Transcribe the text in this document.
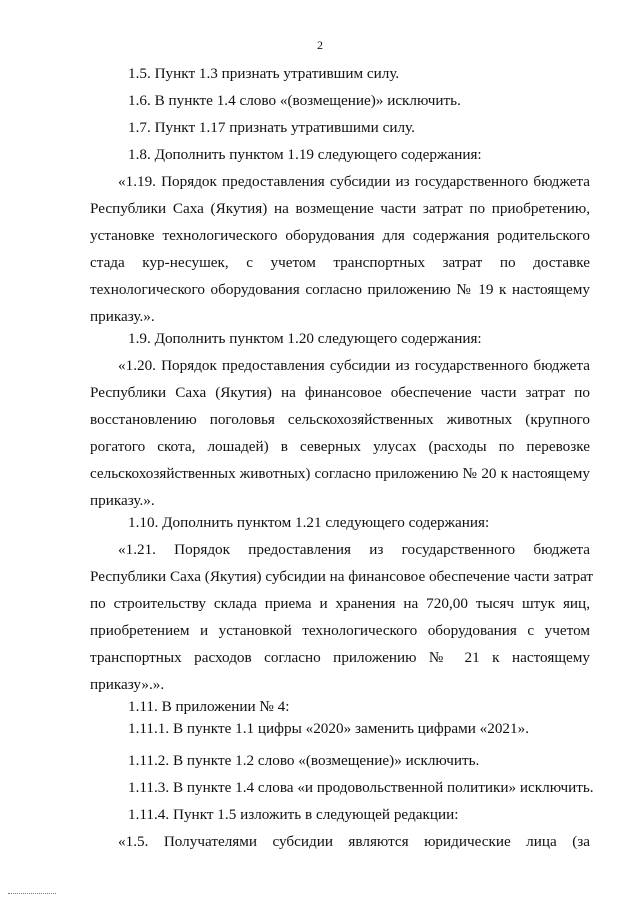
2
1.5. Пункт 1.3 признать утратившим силу.
1.6. В пункте 1.4 слово «(возмещение)» исключить.
1.7. Пункт 1.17 признать утратившими силу.
1.8. Дополнить пунктом 1.19 следующего содержания:
«1.19. Порядок предоставления субсидии из государственного бюджета
Республики Саха (Якутия) на возмещение части затрат по приобретению,
установке технологического оборудования для содержания родительского
стада кур-несушек, с учетом транспортных затрат по доставке
технологического оборудования согласно приложению № 19 к настоящему
приказу.».
1.9. Дополнить пунктом 1.20 следующего содержания:
«1.20. Порядок предоставления субсидии из государственного бюджета
Республики Саха (Якутия) на финансовое обеспечение части затрат по
восстановлению поголовья сельскохозяйственных животных (крупного
рогатого скота, лошадей) в северных улусах (расходы по перевозке
сельскохозяйственных животных) согласно приложению № 20 к настоящему
приказу.».
1.10. Дополнить пунктом 1.21 следующего содержания:
«1.21. Порядок предоставления из государственного бюджета
Республики Саха (Якутия) субсидии на финансовое обеспечение части затрат
по строительству склада приема и хранения на 720,00 тысяч штук яиц,
приобретением и установкой технологического оборудования с учетом
транспортных расходов согласно приложению № 21 к настоящему
приказу».».
1.11. В приложении № 4:
1.11.1. В пункте 1.1 цифры «2020» заменить цифрами «2021».
1.11.2. В пункте 1.2 слово «(возмещение)» исключить.
1.11.3. В пункте 1.4 слова «и продовольственной политики» исключить.
1.11.4. Пункт 1.5 изложить в следующей редакции:
«1.5. Получателями субсидии являются юридические лица (за
